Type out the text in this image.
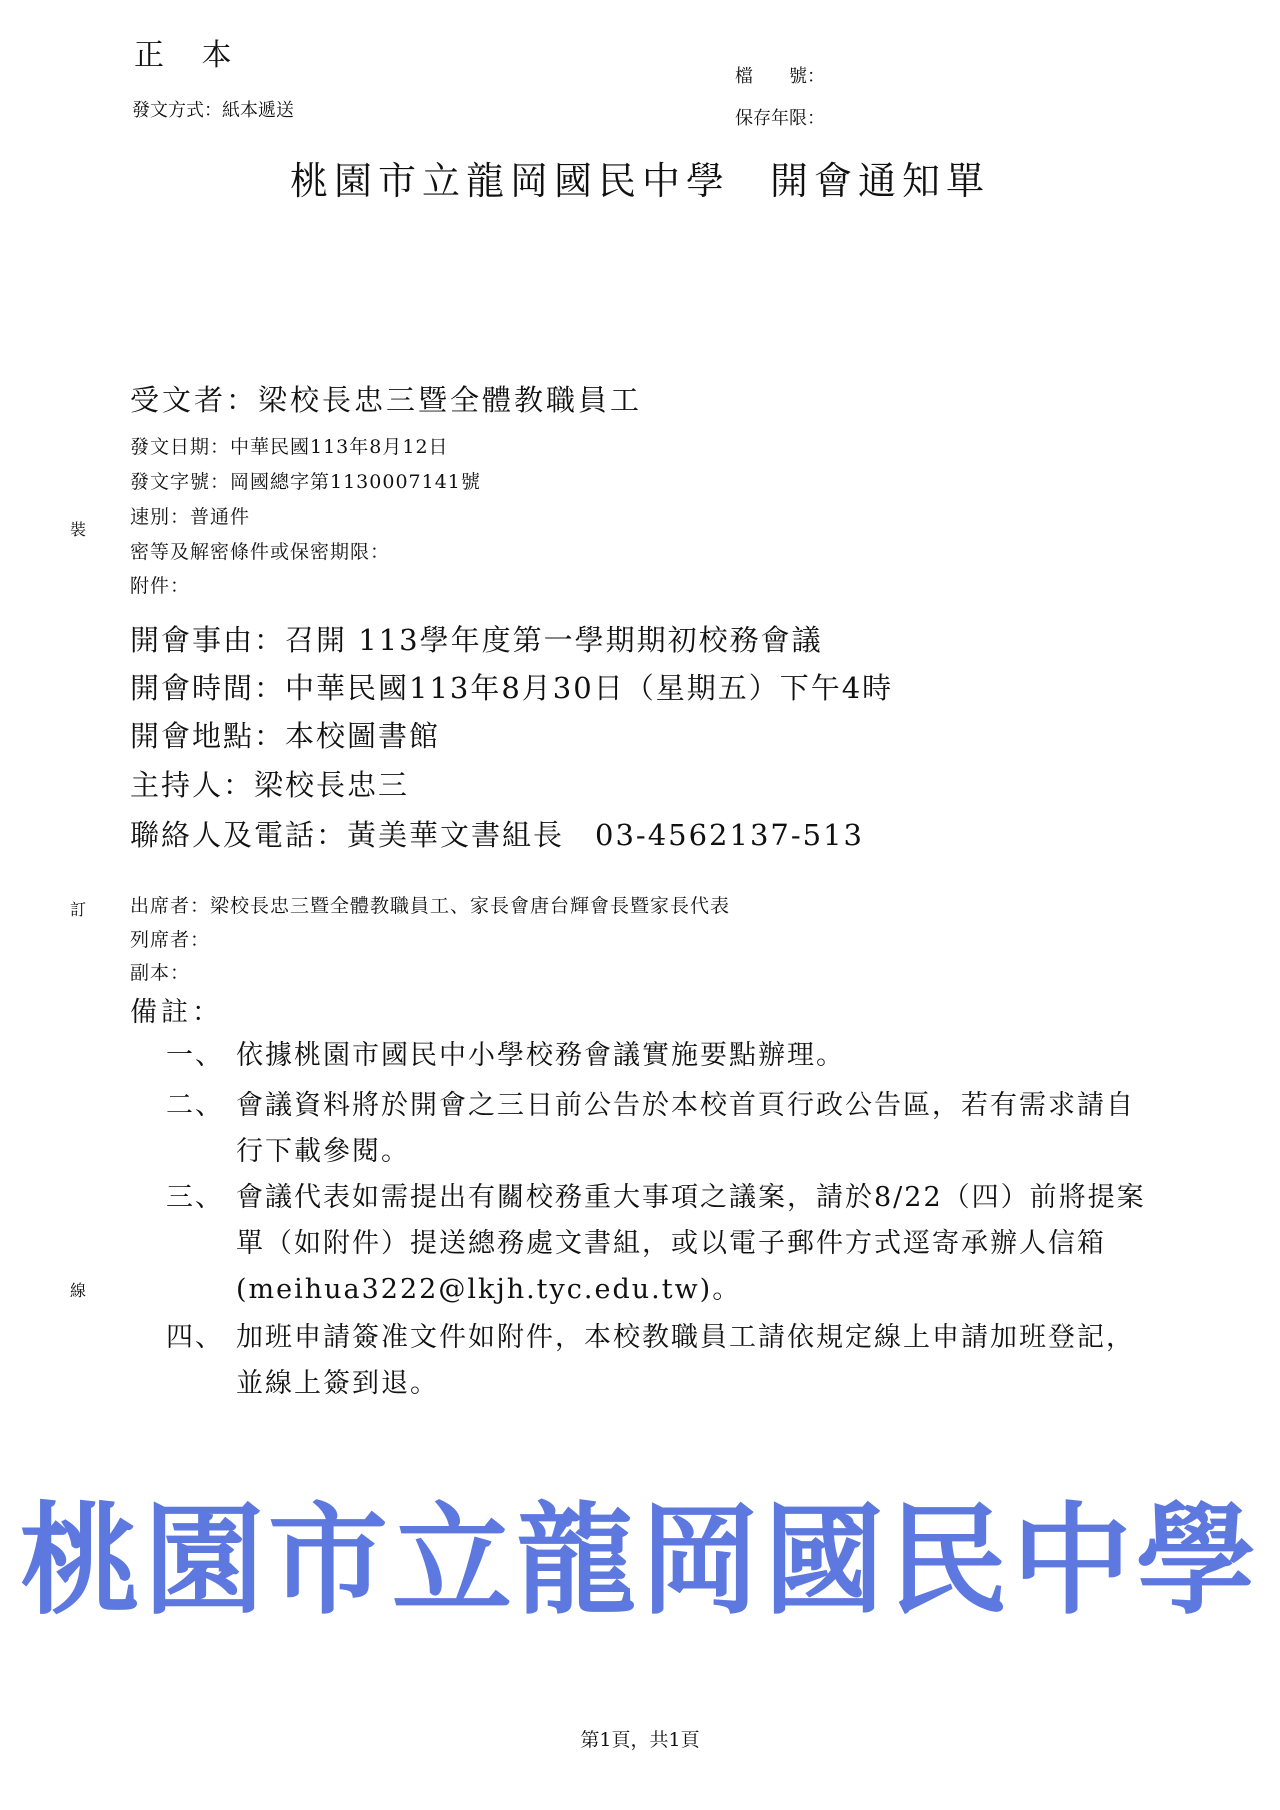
正 本
發文方式：紙本遞送
檔　　號：
保存年限：
桃園市立龍岡國民中學 開會通知單
受文者：梁校長忠三暨全體教職員工
發文日期：中華民國113年8月12日
發文字號：岡國總字第1130007141號
速別：普通件
密等及解密條件或保密期限：
附件：
裝
訂
線
開會事由：召開 113學年度第一學期期初校務會議
開會時間：中華民國113年8月30日（星期五）下午4時
開會地點：本校圖書館
主持人：梁校長忠三
聯絡人及電話：黃美華文書組長　03-4562137-513
出席者：梁校長忠三暨全體教職員工、家長會唐台輝會長暨家長代表
列席者：
副本：
備註：
一、 依據桃園市國民中小學校務會議實施要點辦理。
二、 會議資料將於開會之三日前公告於本校首頁行政公告區，若有需求請自行下載參閱。
三、 會議代表如需提出有關校務重大事項之議案，請於8/22（四）前將提案單（如附件）提送總務處文書組，或以電子郵件方式逕寄承辦人信箱(meihua3222@lkjh.tyc.edu.tw)。
四、 加班申請簽准文件如附件，本校教職員工請依規定線上申請加班登記，並線上簽到退。
桃園市立龍岡國民中學
第1頁，共1頁
